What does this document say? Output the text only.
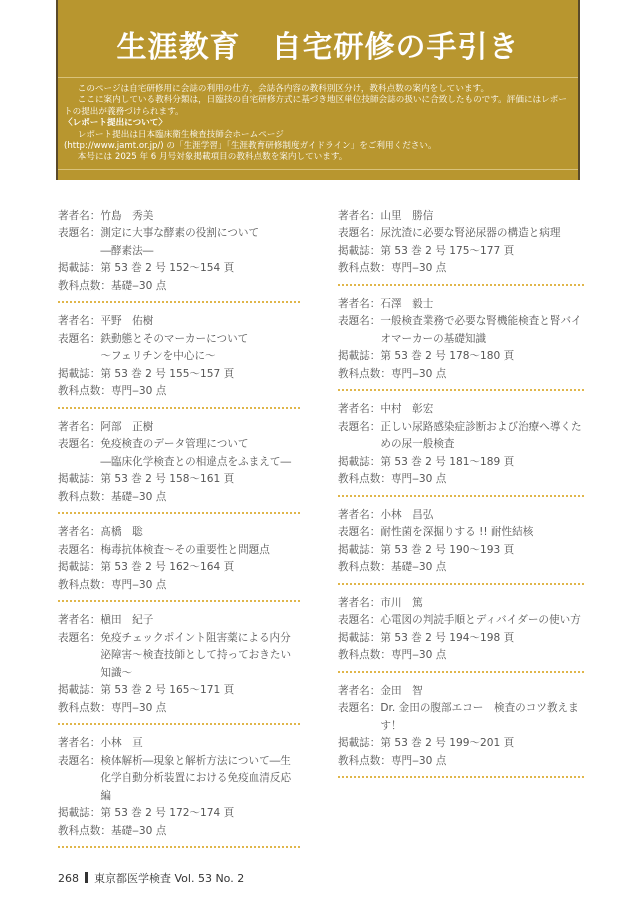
生涯教育　自宅研修の手引き

このページは自宅研修用に会誌の利用の仕方，会誌各内容の教科別区分け，教科点数の案内をしています。

ここに案内している教科分類は，日臨技の自宅研修方式に基づき地区単位技師会誌の扱いに合致したものです。評価にはレポートの提出が義務づけられます。

〈レポート提出について〉

レポート提出は日本臨床衛生検査技師会ホームページ

(http://www.jamt.or.jp/) の「生涯学習」「生涯教育研修制度ガイドライン」をご利用ください。

本号には 2025 年 6 月号対象掲載項目の教科点数を案内しています。

著者名： 竹島　秀美
表題名： 測定に大事な酵素の役割について
―酵素法―
掲載誌： 第 53 巻 2 号 152～154 頁
教科点数： 基礎‒30 点
著者名： 平野　佑樹
表題名： 鉄動態とそのマーカーについて
～フェリチンを中心に～
掲載誌： 第 53 巻 2 号 155～157 頁
教科点数： 専門‒30 点
著者名： 阿部　正樹
表題名： 免疫検査のデータ管理について
―臨床化学検査との相違点をふまえて―
掲載誌： 第 53 巻 2 号 158～161 頁
教科点数： 基礎‒30 点
著者名： 髙橋　聡
表題名： 梅毒抗体検査～その重要性と問題点
掲載誌： 第 53 巻 2 号 162～164 頁
教科点数： 専門‒30 点
著者名： 槇田　紀子
表題名： 免疫チェックポイント阻害薬による内分泌障害～検査技師として持っておきたい知識～
掲載誌： 第 53 巻 2 号 165～171 頁
教科点数： 専門‒30 点
著者名： 小林　亘
表題名： 検体解析―現象と解析方法について―生化学自動分析装置における免疫血清反応編
掲載誌： 第 53 巻 2 号 172～174 頁
教科点数： 基礎‒30 点
著者名： 山里　勝信
表題名： 尿沈渣に必要な腎泌尿器の構造と病理
掲載誌： 第 53 巻 2 号 175～177 頁
教科点数： 専門‒30 点
著者名： 石澤　毅士
表題名： 一般検査業務で必要な腎機能検査と腎バイオマーカーの基礎知識
掲載誌： 第 53 巻 2 号 178～180 頁
教科点数： 専門‒30 点
著者名： 中村　彰宏
表題名： 正しい尿路感染症診断および治療へ導くための尿一般検査
掲載誌： 第 53 巻 2 号 181～189 頁
教科点数： 専門‒30 点
著者名： 小林　昌弘
表題名： 耐性菌を深掘りする !! 耐性結核
掲載誌： 第 53 巻 2 号 190～193 頁
教科点数： 基礎‒30 点
著者名： 市川　篤
表題名： 心電図の判読手順とディバイダーの使い方
掲載誌： 第 53 巻 2 号 194～198 頁
教科点数： 専門‒30 点
著者名： 金田　智
表題名： Dr. 金田の腹部エコー　検査のコツ教えます！
掲載誌： 第 53 巻 2 号 199～201 頁
教科点数： 専門‒30 点
268 東京都医学検査 Vol. 53 No. 2
